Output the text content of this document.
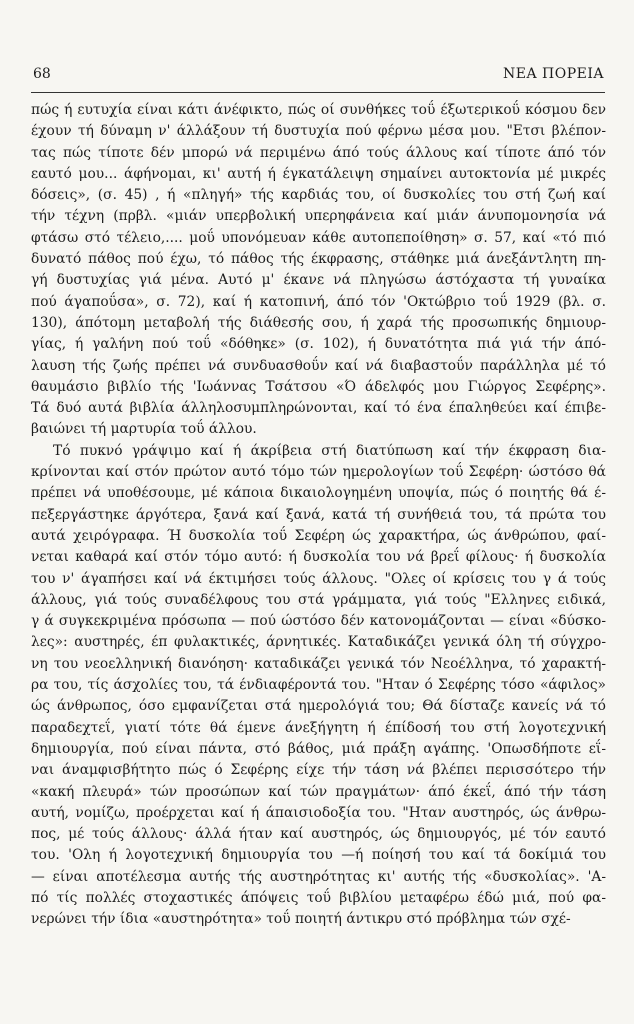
68	ΝΕΑ ΠΟΡΕΙΑ
πώς ή ευτυχία είναι κάτι άνέφικτο, πώς οί συνθήκες τοΰ έξωτερικοΰ κόσμου δεν
έχουν τή δύναμη ν' άλλάξουν τή δυστυχία πού φέρνω μέσα μου. "Ετσι βλέπον-
τας πώς τίποτε δέν μπορώ νά περιμένω άπό τούς άλλους καί τίποτε άπό τόν
εαυτό μου... άφήνομαι, κι' αυτή ή έγκατάλειψη σημαίνει αυτοκτονία μέ μικρές
δόσεις», (σ. 45) , ή «πληγή» τής καρδιάς του, οί δυσκολίες του στή ζωή καί
τήν τέχνη (πρβλ. «μιάν υπερβολική υπερηφάνεια καί μιάν άνυπομονησία νά
φτάσω στό τέλειο,.... μοΰ υπονόμευαν κάθε αυτοπεποίθηση» σ. 57, καί «τό πιό
δυνατό πάθος πού έχω, τό πάθος τής έκφρασης, στάθηκε μιά άνεξάντλητη πη-
γή δυστυχίας γιά μένα. Αυτό μ' έκανε νά πληγώσω άστόχαστα τή γυναίκα
πού άγαποΰσα», σ. 72), καί ή κατοπινή, άπό τόν 'Οκτώβριο τοΰ 1929 (βλ. σ.
130), άπότομη μεταβολή τής διάθεσής σου, ή χαρά τής προσωπικής δημιουρ-
γίας, ή γαλήνη πού τοΰ «δόθηκε» (σ. 102), ή δυνατότητα πιά γιά τήν άπό-
λαυση τής ζωής πρέπει νά συνδυασθοΰν καί νά διαβαστοΰν παράλληλα μέ τό
θαυμάσιο βιβλίο τής 'Ιωάννας Τσάτσου «Ό άδελφός μου Γιώργος Σεφέρης».
Τά δυό αυτά βιβλία άλληλοσυμπληρώνονται, καί τό ένα έπαληθεύει καί έπιβε-
βαιώνει τή μαρτυρία τοΰ άλλου.
Τό πυκνό γράψιμο καί ή άκρίβεια στή διατύπωση καί τήν έκφραση δια-
κρίνονται καί στόν πρώτον αυτό τόμο τών ημερολογίων τοΰ Σεφέρη· ώστόσο θά
πρέπει νά υποθέσουμε, μέ κάποια δικαιολογημένη υποψία, πώς ό ποιητής θά έ-
πεξεργάστηκε άργότερα, ξανά καί ξανά, κατά τή συνήθειά του, τά πρώτα του
αυτά χειρόγραφα. Ή δυσκολία τοΰ Σεφέρη ώς χαρακτήρα, ώς άνθρώπου, φαί-
νεται καθαρά καί στόν τόμο αυτό: ή δυσκολία του νά βρεΐ φίλους· ή δυσκολία
του ν' άγαπήσει καί νά έκτιμήσει τούς άλλους. "Ολες οί κρίσεις του γ ά τούς
άλλους, γιά τούς συναδέλφους του στά γράμματα, γιά τούς "Ελληνες ειδικά,
γ ά συγκεκριμένα πρόσωπα — πού ώστόσο δέν κατονομάζονται — είναι «δύσκο-
λες»: αυστηρές, έπ φυλακτικές, άρνητικές. Καταδικάζει γενικά όλη τή σύγχρο-
νη του νεοελληνική διανόηση· καταδικάζει γενικά τόν Νεοέλληνα, τό χαρακτή-
ρα του, τίς άσχολίες του, τά ένδιαφέροντά του. "Ηταν ό Σεφέρης τόσο «άφιλος»
ώς άνθρωπος, όσο εμφανίζεται στά ημερολόγιά του; Θά δίσταζε κανείς νά τό
παραδεχτεΐ, γιατί τότε θά έμενε άνεξήγητη ή έπίδοσή του στή λογοτεχνική
δημιουργία, πού είναι πάντα, στό βάθος, μιά πράξη αγάπης. 'Οπωσδήποτε εΐ-
ναι άναμφισβήτητο πώς ό Σεφέρης είχε τήν τάση νά βλέπει περισσότερο τήν
«κακή πλευρά» τών προσώπων καί τών πραγμάτων· άπό έκεΐ, άπό τήν τάση
αυτή, νομίζω, προέρχεται καί ή άπαισιοδοξία του. "Ηταν αυστηρός, ώς άνθρω-
πος, μέ τούς άλλους· άλλά ήταν καί αυστηρός, ώς δημιουργός, μέ τόν εαυτό
του. 'Ολη ή λογοτεχνική δημιουργία του —ή ποίησή του καί τά δοκίμιά του
— είναι αποτέλεσμα αυτής τής αυστηρότητας κι' αυτής τής «δυσκολίας». 'Α-
πό τίς πολλές στοχαστικές άπόψεις τοΰ βιβλίου μεταφέρω έδώ μιά, πού φα-
νερώνει τήν ίδια «αυστηρότητα» τοΰ ποιητή άντικρυ στό πρόβλημα τών σχέ-
